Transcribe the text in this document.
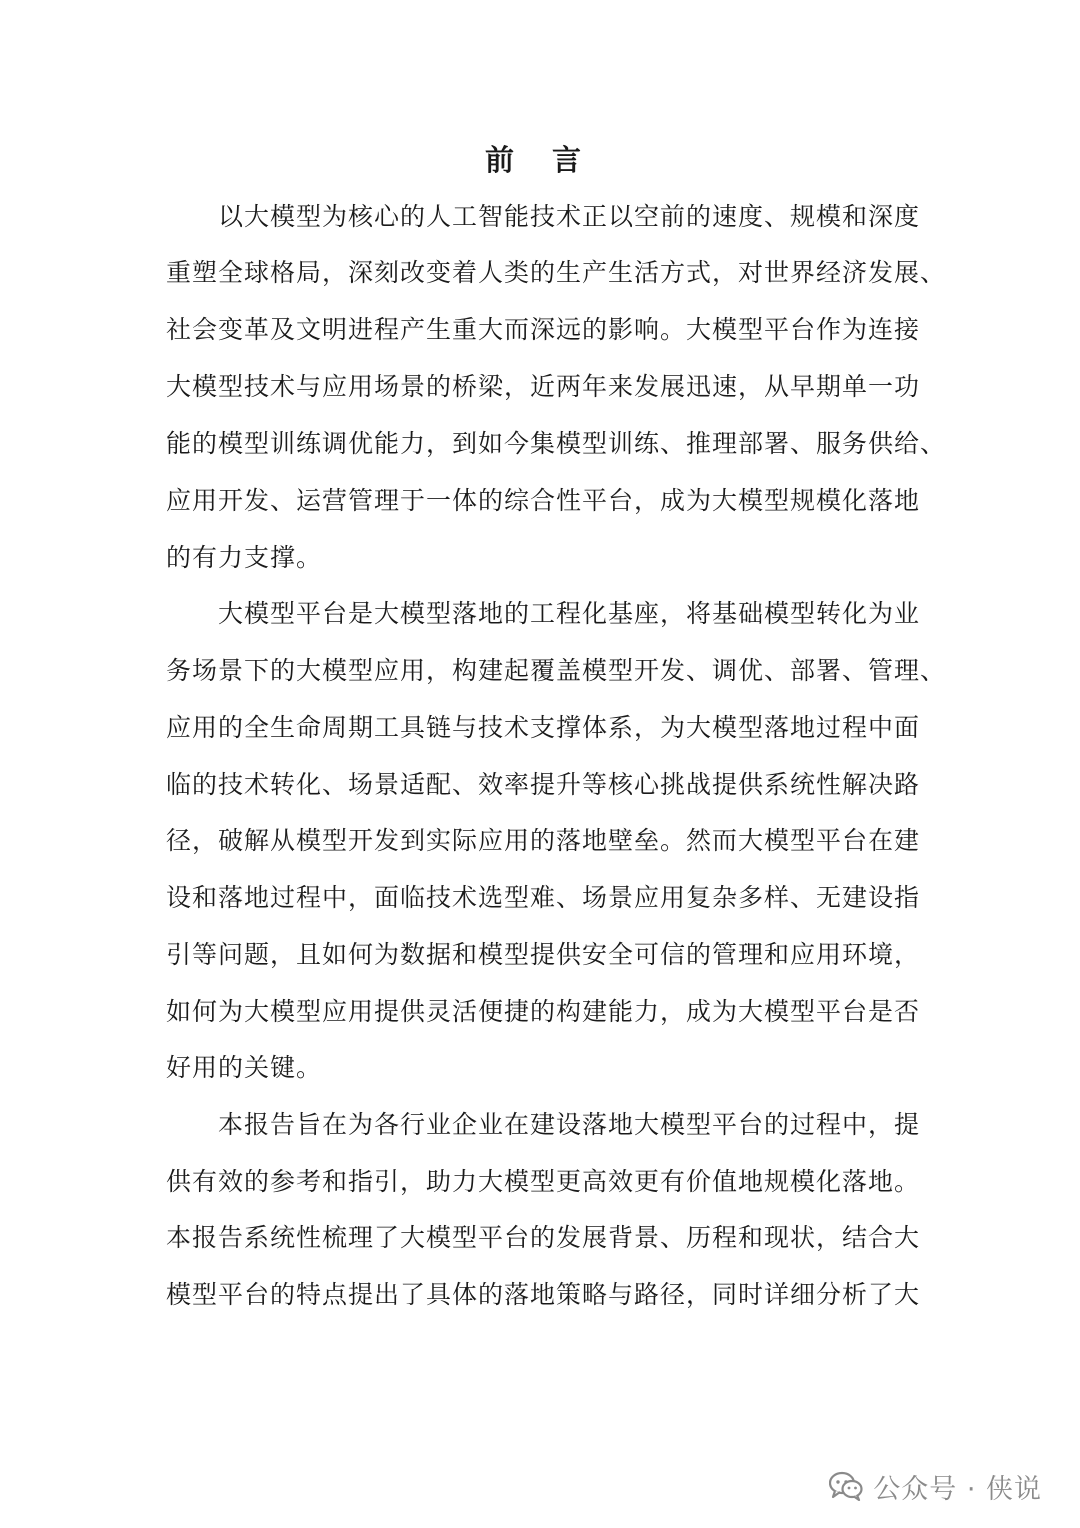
前 言
以大模型为核心的人工智能技术正以空前的速度、规模和深度
重塑全球格局，深刻改变着人类的生产生活方式，对世界经济发展、
社会变革及文明进程产生重大而深远的影响。大模型平台作为连接
大模型技术与应用场景的桥梁，近两年来发展迅速，从早期单一功
能的模型训练调优能力，到如今集模型训练、推理部署、服务供给、
应用开发、运营管理于一体的综合性平台，成为大模型规模化落地
的有力支撑。
大模型平台是大模型落地的工程化基座，将基础模型转化为业
务场景下的大模型应用，构建起覆盖模型开发、调优、部署、管理、
应用的全生命周期工具链与技术支撑体系，为大模型落地过程中面
临的技术转化、场景适配、效率提升等核心挑战提供系统性解决路
径，破解从模型开发到实际应用的落地壁垒。然而大模型平台在建
设和落地过程中，面临技术选型难、场景应用复杂多样、无建设指
引等问题，且如何为数据和模型提供安全可信的管理和应用环境，
如何为大模型应用提供灵活便捷的构建能力，成为大模型平台是否
好用的关键。
本报告旨在为各行业企业在建设落地大模型平台的过程中，提
供有效的参考和指引，助力大模型更高效更有价值地规模化落地。
本报告系统性梳理了大模型平台的发展背景、历程和现状，结合大
模型平台的特点提出了具体的落地策略与路径，同时详细分析了大
公众号 · 侠说
